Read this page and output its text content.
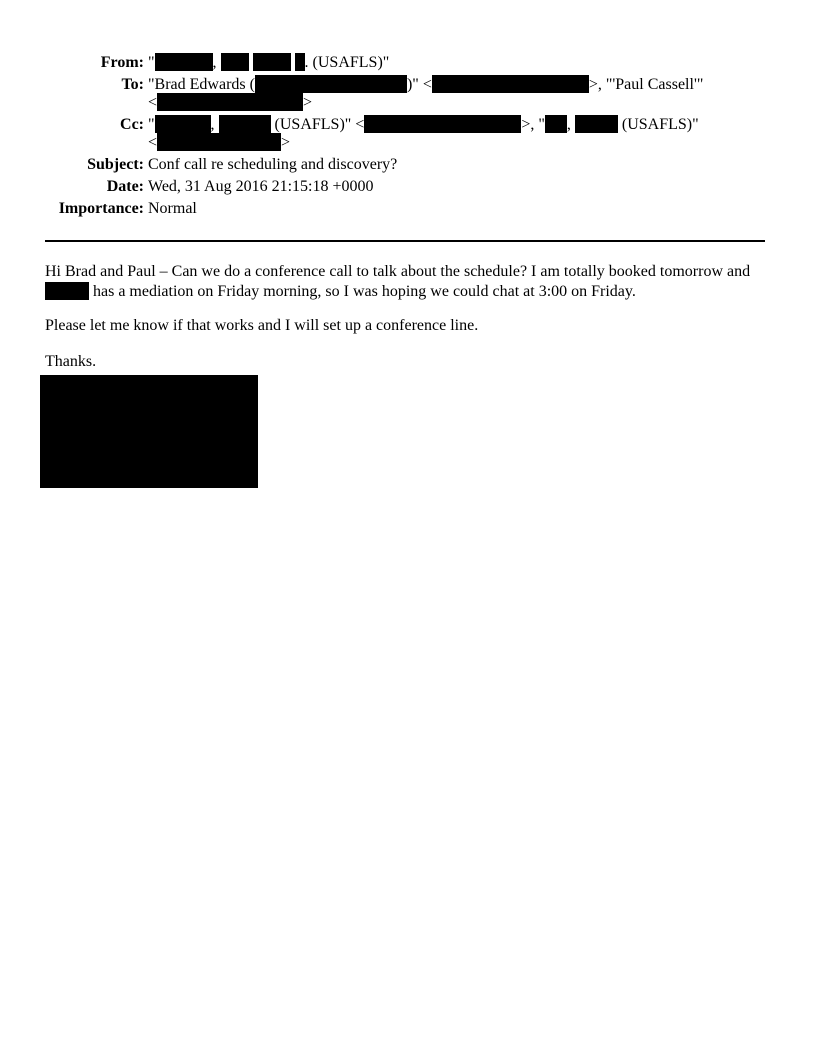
From: "	,	. (USAFLS)"
To: "Brad Edwards (	)" <	>, "'Paul Cassell'"
<	>
Cc: "	,	(USAFLS)" <	>, " ,	(USAFLS)"
<	>
Subject: Conf call re scheduling and discovery?
Date: Wed, 31 Aug 2016 21:15:18 +0000
Importance: Normal
Hi Brad and Paul – Can we do a conference call to talk about the schedule? I am totally booked tomorrow and
has a mediation on Friday morning, so I was hoping we could chat at 3:00 on Friday.
Please let me know if that works and I will set up a conference line.
Thanks.
